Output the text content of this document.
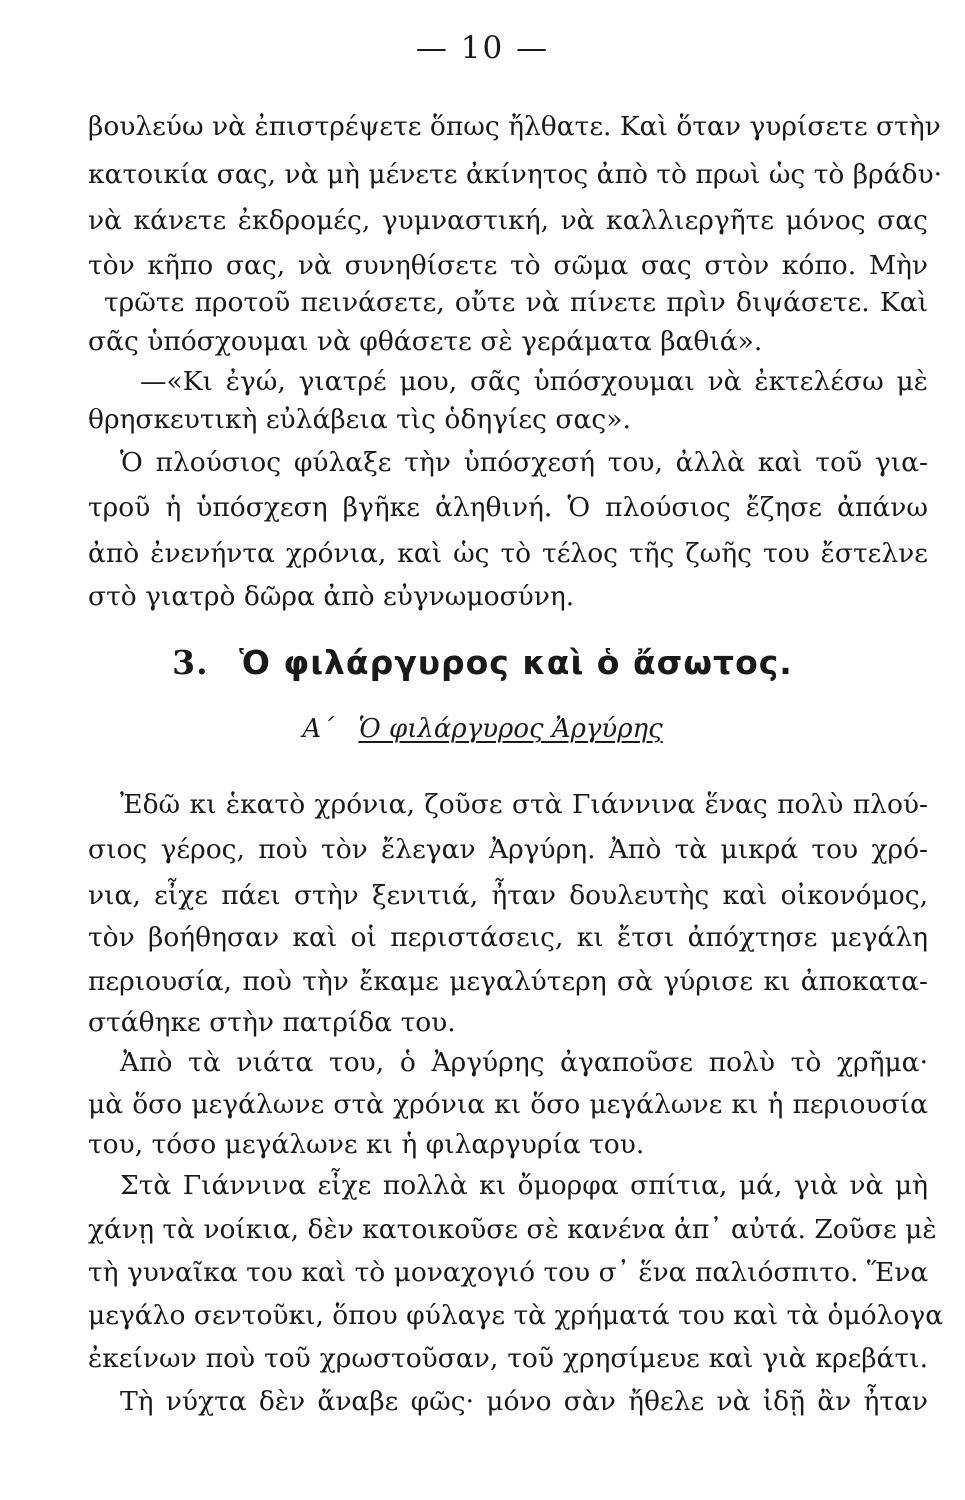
— 10 —
βουλεύω νὰ ἐπιστρέψετε ὅπως ἤλθατε. Καὶ ὅταν γυρίσετε στὴν
κατοικία σας, νὰ μὴ μένετε ἀκίνητος ἀπὸ τὸ πρωὶ ὡς τὸ βράδυ·
νὰ κάνετε ἐκδρομές, γυμναστική, νὰ καλλιεργῆτε μόνος σας
τὸν κῆπο σας, νὰ συνηθίσετε τὸ σῶμα σας στὸν κόπο. Μὴν
τρῶτε προτοῦ πεινάσετε, οὔτε νὰ πίνετε πρὶν διψάσετε. Καὶ
σᾶς ὑπόσχουμαι νὰ φθάσετε σὲ γεράματα βαθιά».
—«Κι ἐγώ, γιατρέ μου, σᾶς ὑπόσχουμαι νὰ ἐκτελέσω μὲ
θρησκευτικὴ εὐλάβεια τὶς ὁδηγίες σας».
Ὁ πλούσιος φύλαξε τὴν ὑπόσχεσή του, ἀλλὰ καὶ τοῦ για-
τροῦ ἡ ὑπόσχεση βγῆκε ἀληθινή. Ὁ πλούσιος ἔζησε ἀπάνω
ἀπὸ ἐνενήντα χρόνια, καὶ ὡς τὸ τέλος τῆς ζωῆς του ἔστελνε
στὸ γιατρὸ δῶρα ἀπὸ εὐγνωμοσύνη.
3. Ὁ φιλάργυρος καὶ ὁ ἄσωτος.
Α΄ Ὁ φιλάργυρος Ἀργύρης
Ἐδῶ κι ἑκατὸ χρόνια, ζοῦσε στὰ Γιάννινα ἕνας πολὺ πλού-
σιος γέρος, ποὺ τὸν ἔλεγαν Ἀργύρη. Ἀπὸ τὰ μικρά του χρό-
νια, εἶχε πάει στὴν ξενιτιά, ἦταν δουλευτὴς καὶ οἰκονόμος,
τὸν βοήθησαν καὶ οἱ περιστάσεις, κι ἔτσι ἀπόχτησε μεγάλη
περιουσία, ποὺ τὴν ἔκαμε μεγαλύτερη σὰ γύρισε κι ἀποκατα-
στάθηκε στὴν πατρίδα του.
Ἀπὸ τὰ νιάτα του, ὁ Ἀργύρης ἀγαποῦσε πολὺ τὸ χρῆμα·
μὰ ὅσο μεγάλωνε στὰ χρόνια κι ὅσο μεγάλωνε κι ἡ περιουσία
του, τόσο μεγάλωνε κι ἡ φιλαργυρία του.
Στὰ Γιάννινα εἶχε πολλὰ κι ὄμορφα σπίτια, μά, γιὰ νὰ μὴ
χάνῃ τὰ νοίκια, δὲν κατοικοῦσε σὲ κανένα ἀπ᾽ αὐτά. Ζοῦσε μὲ
τὴ γυναῖκα του καὶ τὸ μοναχογιό του σ᾽ ἕνα παλιόσπιτο. Ἕνα
μεγάλο σεντοῦκι, ὅπου φύλαγε τὰ χρήματά του καὶ τὰ ὁμόλογα
ἐκείνων ποὺ τοῦ χρωστοῦσαν, τοῦ χρησίμευε καὶ γιὰ κρεβάτι.
Τὴ νύχτα δὲν ἄναβε φῶς· μόνο σὰν ἤθελε νὰ ἰδῇ ἂν ἦταν
